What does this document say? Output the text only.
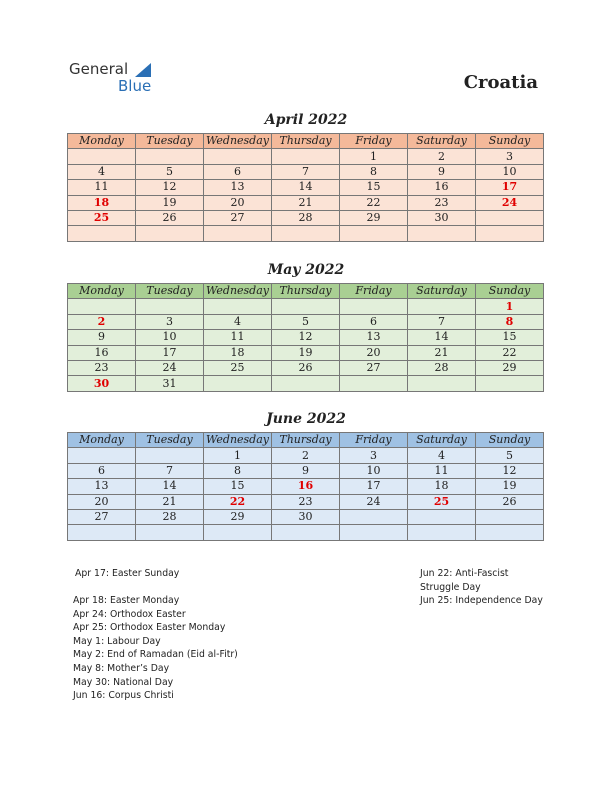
General
Blue	Croatia
April 2022
Monday	Tuesday	Wednesday	Thursday	Friday	Saturday	Sunday
				1	2	3
4	5	6	7	8	9	10
11	12	13	14	15	16	17
18	19	20	21	22	23	24
25	26	27	28	29	30	

May 2022
Monday	Tuesday	Wednesday	Thursday	Friday	Saturday	Sunday
						1
2	3	4	5	6	7	8
9	10	11	12	13	14	15
16	17	18	19	20	21	22
23	24	25	26	27	28	29
30	31					
June 2022
Monday	Tuesday	Wednesday	Thursday	Friday	Saturday	Sunday
		1	2	3	4	5
6	7	8	9	10	11	12
13	14	15	16	17	18	19
20	21	22	23	24	25	26
27	28	29	30			

Apr 17: Easter Sunday
Apr 18: Easter Monday
Apr 24: Orthodox Easter
Apr 25: Orthodox Easter Monday
May 1: Labour Day
May 2: End of Ramadan (Eid al-Fitr)
May 8: Mother’s Day
May 30: National Day
Jun 16: Corpus Christi
Jun 22: Anti-Fascist
Struggle Day
Jun 25: Independence Day
